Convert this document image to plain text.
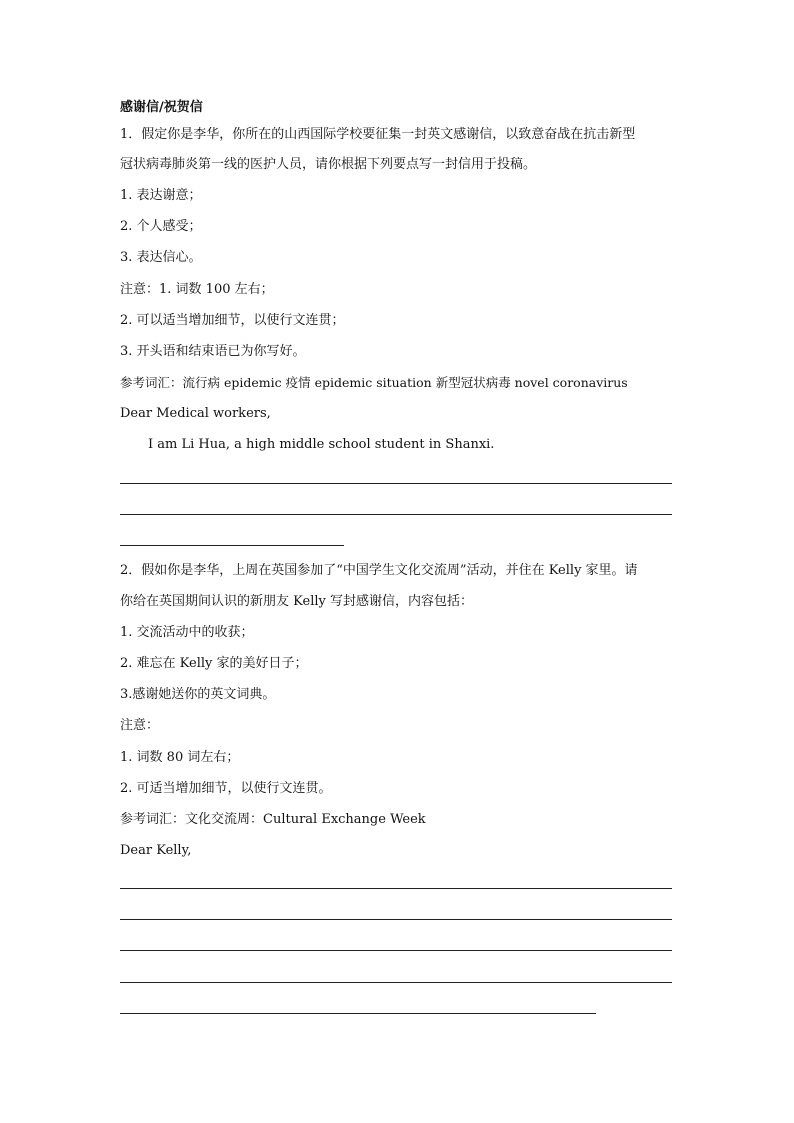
感谢信/祝贺信
1．假定你是李华，你所在的山西国际学校要征集一封英文感谢信，以致意奋战在抗击新型
冠状病毒肺炎第一线的医护人员，请你根据下列要点写一封信用于投稿。
1. 表达谢意；
2. 个人感受；
3. 表达信心。
注意：1. 词数 100 左右；
2. 可以适当增加细节，以使行文连贯；
3. 开头语和结束语已为你写好。
参考词汇：流行病 epidemic 疫情 epidemic situation 新型冠状病毒 novel coronavirus
Dear Medical workers,
I am Li Hua, a high middle school student in Shanxi.
2．假如你是李华，上周在英国参加了“中国学生文化交流周”活动，并住在 Kelly 家里。请
你给在英国期间认识的新朋友 Kelly 写封感谢信，内容包括：
1. 交流活动中的收获；
2. 难忘在 Kelly 家的美好日子；
3.感谢她送你的英文词典。
注意：
1. 词数 80 词左右；
2. 可适当增加细节，以使行文连贯。
参考词汇：文化交流周：Cultural Exchange Week
Dear Kelly,
